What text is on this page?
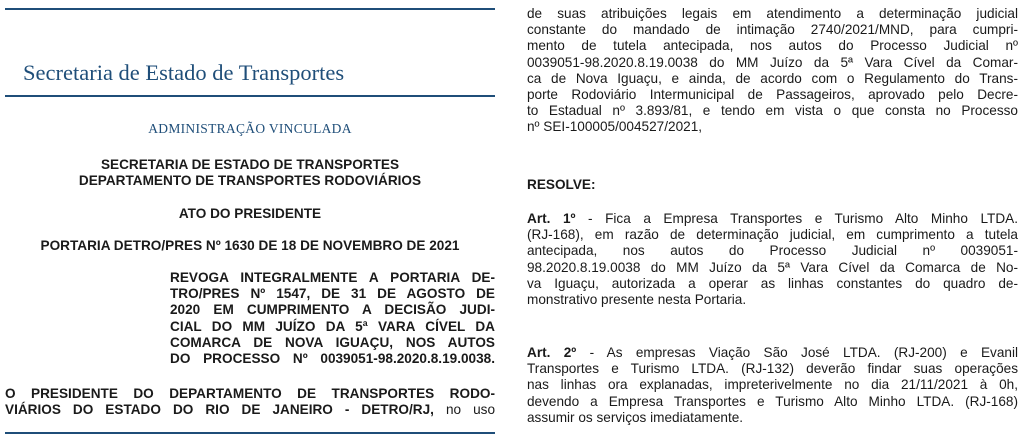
Secretaria de Estado de Transportes
ADMINISTRAÇÃO VINCULADA
SECRETARIA DE ESTADO DE TRANSPORTES
DEPARTAMENTO DE TRANSPORTES RODOVIÁRIOS
ATO DO PRESIDENTE
PORTARIA DETRO/PRES Nº 1630 DE 18 DE NOVEMBRO DE 2021
REVOGA INTEGRALMENTE A PORTARIA DE-
TRO/PRES Nº 1547, DE 31 DE AGOSTO DE
2020 EM CUMPRIMENTO A DECISÃO JUDI-
CIAL DO MM JUÍZO DA 5ª VARA CÍVEL DA
COMARCA DE NOVA IGUAÇU, NOS AUTOS
DO PROCESSO Nº 0039051-98.2020.8.19.0038.
O PRESIDENTE DO DEPARTAMENTO DE TRANSPORTES RODO-
VIÁRIOS DO ESTADO DO RIO DE JANEIRO - DETRO/RJ, no uso
de suas atribuições legais em atendimento a determinação judicial
constante do mandado de intimação 2740/2021/MND, para cumpri-
mento de tutela antecipada, nos autos do Processo Judicial nº
0039051-98.2020.8.19.0038 do MM Juízo da 5ª Vara Cível da Comar-
ca de Nova Iguaçu, e ainda, de acordo com o Regulamento do Trans-
porte Rodoviário Intermunicipal de Passageiros, aprovado pelo Decre-
to Estadual nº 3.893/81, e tendo em vista o que consta no Processo
nº SEI-100005/004527/2021,
RESOLVE:
Art. 1º - Fica a Empresa Transportes e Turismo Alto Minho LTDA.
(RJ-168), em razão de determinação judicial, em cumprimento a tutela
antecipada, nos autos do Processo Judicial nº 0039051-
98.2020.8.19.0038 do MM Juízo da 5ª Vara Cível da Comarca de No-
va Iguaçu, autorizada a operar as linhas constantes do quadro de-
monstrativo presente nesta Portaria.
Art. 2º - As empresas Viação São José LTDA. (RJ-200) e Evanil
Transportes e Turismo LTDA. (RJ-132) deverão findar suas operações
nas linhas ora explanadas, impreterivelmente no dia 21/11/2021 à 0h,
devendo a Empresa Transportes e Turismo Alto Minho LTDA. (RJ-168)
assumir os serviços imediatamente.
